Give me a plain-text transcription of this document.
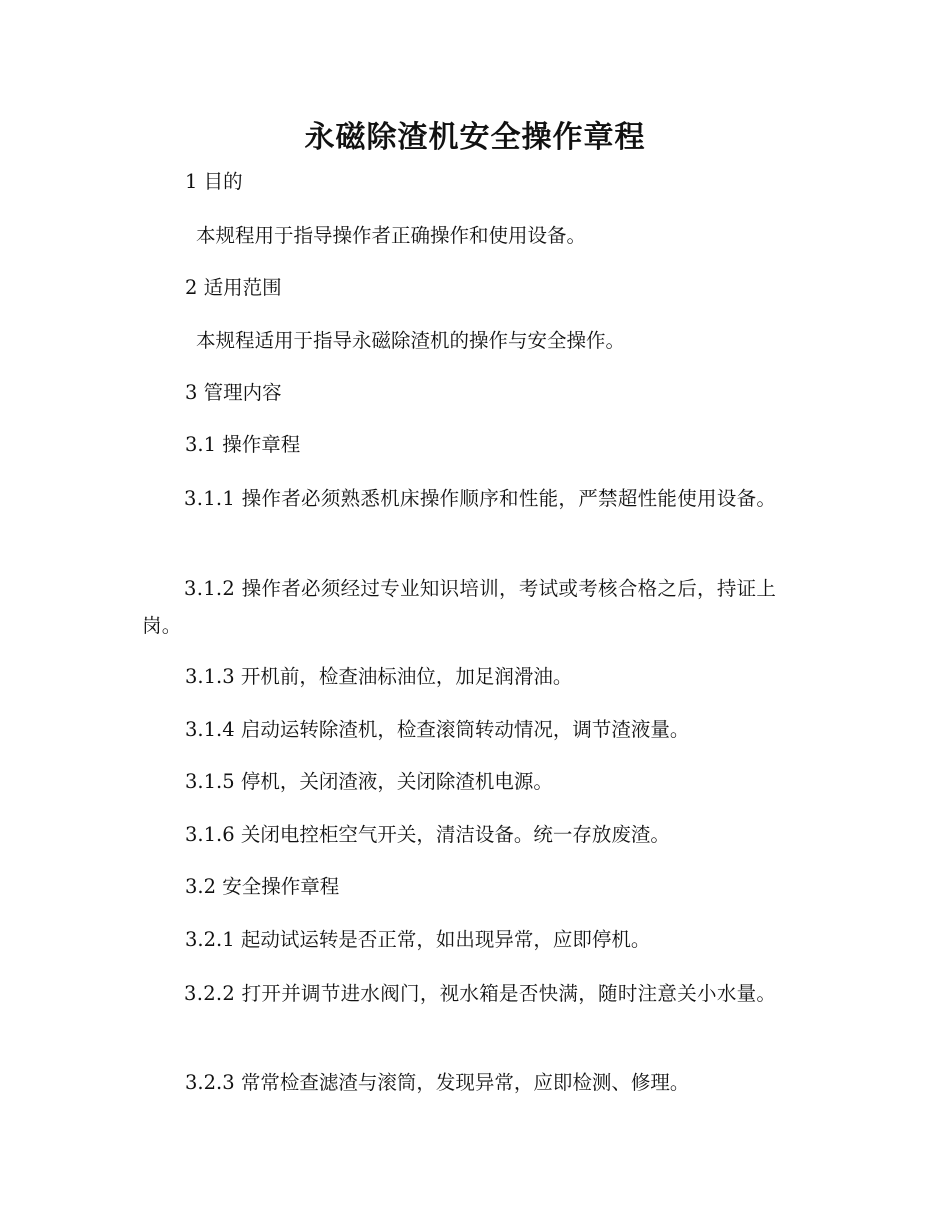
永磁除渣机安全操作章程
1 目的
本规程用于指导操作者正确操作和使用设备。
2 适用范围
本规程适用于指导永磁除渣机的操作与安全操作。
3 管理内容
3.1 操作章程
3.1.1 操作者必须熟悉机床操作顺序和性能，严禁超性能使用设备。
3.1.2 操作者必须经过专业知识培训，考试或考核合格之后，持证上岗。
3.1.3 开机前，检查油标油位，加足润滑油。
3.1.4 启动运转除渣机，检查滚筒转动情况，调节渣液量。
3.1.5 停机，关闭渣液，关闭除渣机电源。
3.1.6 关闭电控柜空气开关，清洁设备。统一存放废渣。
3.2 安全操作章程
3.2.1 起动试运转是否正常，如出现异常，应即停机。
3.2.2 打开并调节进水阀门，视水箱是否快满，随时注意关小水量。
3.2.3 常常检查滤渣与滚筒，发现异常，应即检测、修理。
